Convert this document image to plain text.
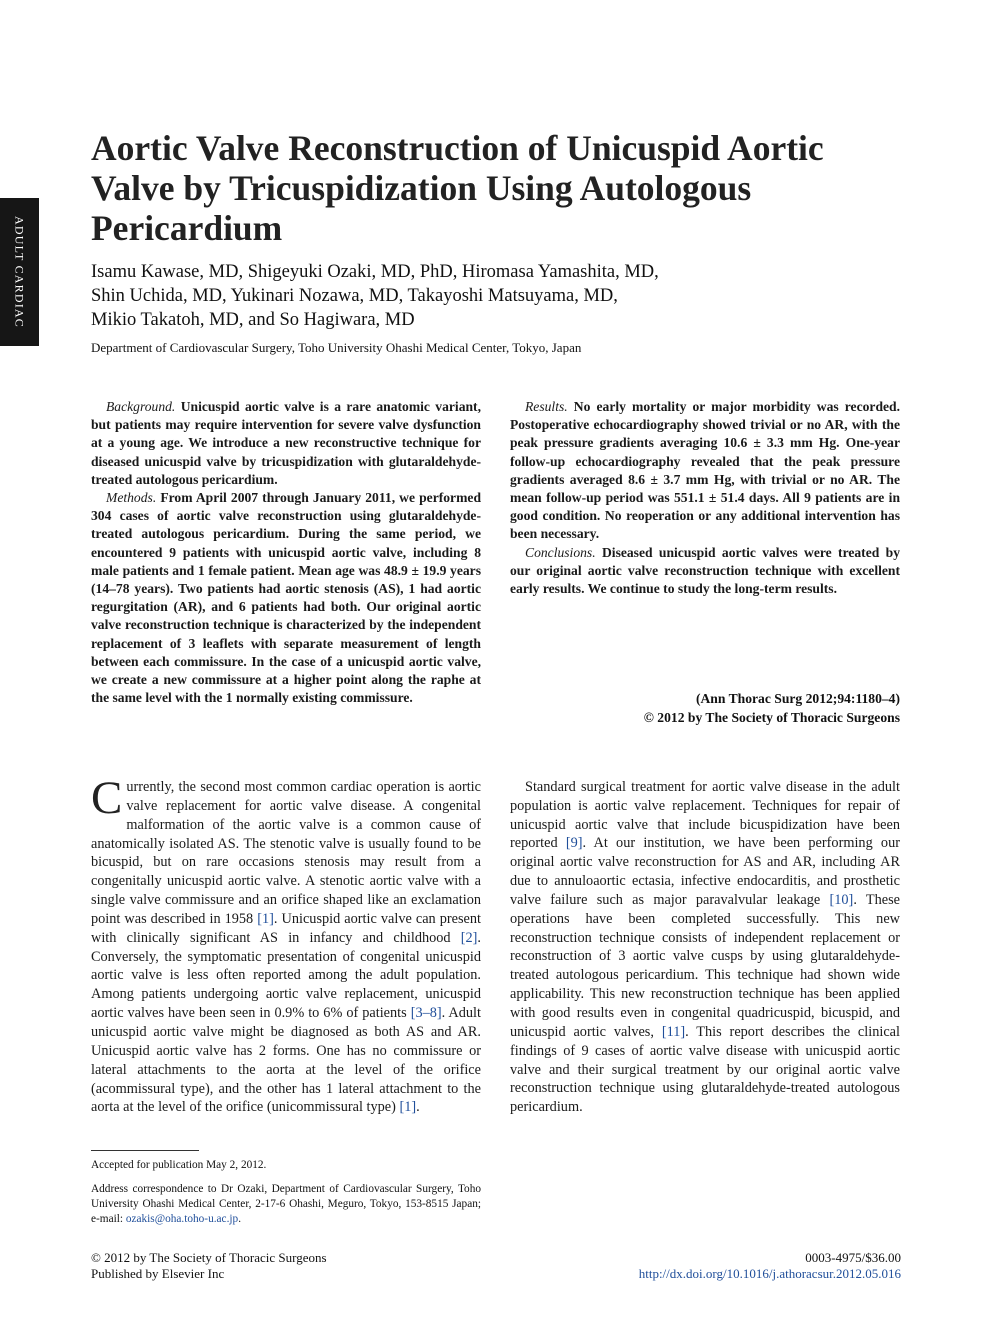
ADULT CARDIAC
Aortic Valve Reconstruction of Unicuspid Aortic
Valve by Tricuspidization Using Autologous
Pericardium
Isamu Kawase, MD, Shigeyuki Ozaki, MD, PhD, Hiromasa Yamashita, MD,
Shin Uchida, MD, Yukinari Nozawa, MD, Takayoshi Matsuyama, MD,
Mikio Takatoh, MD, and So Hagiwara, MD
Department of Cardiovascular Surgery, Toho University Ohashi Medical Center, Tokyo, Japan

Background. Unicuspid aortic valve is a rare anatomic variant, but patients may require intervention for severe valve dysfunction at a young age. We introduce a new reconstructive technique for diseased unicuspid valve by tricuspidization with glutaraldehyde-treated autologous pericardium.

Methods. From April 2007 through January 2011, we performed 304 cases of aortic valve reconstruction using glutaraldehyde-treated autologous pericardium. During the same period, we encountered 9 patients with unicuspid aortic valve, including 8 male patients and 1 female patient. Mean age was 48.9 ± 19.9 years (14–78 years). Two patients had aortic stenosis (AS), 1 had aortic regurgitation (AR), and 6 patients had both. Our original aortic valve reconstruction technique is characterized by the independent replacement of 3 leaflets with separate measurement of length between each commissure. In the case of a unicuspid aortic valve, we create a new commissure at a higher point along the raphe at the same level with the 1 normally existing commissure.

Results. No early mortality or major morbidity was recorded. Postoperative echocardiography showed trivial or no AR, with the peak pressure gradients averaging 10.6 ± 3.3 mm Hg. One-year follow-up echocardiography revealed that the peak pressure gradients averaged 8.6 ± 3.7 mm Hg, with trivial or no AR. The mean follow-up period was 551.1 ± 51.4 days. All 9 patients are in good condition. No reoperation or any additional intervention has been necessary.

Conclusions. Diseased unicuspid aortic valves were treated by our original aortic valve reconstruction technique with excellent early results. We continue to study the long-term results.

(Ann Thorac Surg 2012;94:1180–4)
© 2012 by The Society of Thoracic Surgeons

Currently, the second most common cardiac operation is aortic valve replacement for aortic valve disease. A congenital malformation of the aortic valve is a common cause of anatomically isolated AS. The stenotic valve is usually found to be bicuspid, but on rare occasions stenosis may result from a congenitally unicuspid aortic valve. A stenotic aortic valve with a single valve commissure and an orifice shaped like an exclamation point was described in 1958 [1]. Unicuspid aortic valve can present with clinically significant AS in infancy and childhood [2]. Conversely, the symptomatic presentation of congenital unicuspid aortic valve is less often reported among the adult population. Among patients undergoing aortic valve replacement, unicuspid aortic valves have been seen in 0.9% to 6% of patients [3–8]. Adult unicuspid aortic valve might be diagnosed as both AS and AR. Unicuspid aortic valve has 2 forms. One has no commissure or lateral attachments to the aorta at the level of the orifice (acommissural type), and the other has 1 lateral attachment to the aorta at the level of the orifice (unicommissural type) [1].

Standard surgical treatment for aortic valve disease in the adult population is aortic valve replacement. Techniques for repair of unicuspid aortic valve that include bicuspidization have been reported [9]. At our institution, we have been performing our original aortic valve reconstruction for AS and AR, including AR due to annuloaortic ectasia, infective endocarditis, and prosthetic valve failure such as major paravalvular leakage [10]. These operations have been completed successfully. This new reconstruction technique consists of independent replacement or reconstruction of 3 aortic valve cusps by using glutaraldehyde-treated autologous pericardium. This technique had shown wide applicability. This new reconstruction technique has been applied with good results even in congenital quadricuspid, bicuspid, and unicuspid aortic valves, [11]. This report describes the clinical findings of 9 cases of aortic valve disease with unicuspid aortic valve and their surgical treatment by our original aortic valve reconstruction technique using glutaraldehyde-treated autologous pericardium.

Accepted for publication May 2, 2012.

Address correspondence to Dr Ozaki, Department of Cardiovascular Surgery, Toho University Ohashi Medical Center, 2-17-6 Ohashi, Meguro, Tokyo, 153-8515 Japan; e-mail: ozakis@oha.toho-u.ac.jp.

© 2012 by The Society of Thoracic Surgeons
Published by Elsevier Inc
0003-4975/$36.00
http://dx.doi.org/10.1016/j.athoracsur.2012.05.016
